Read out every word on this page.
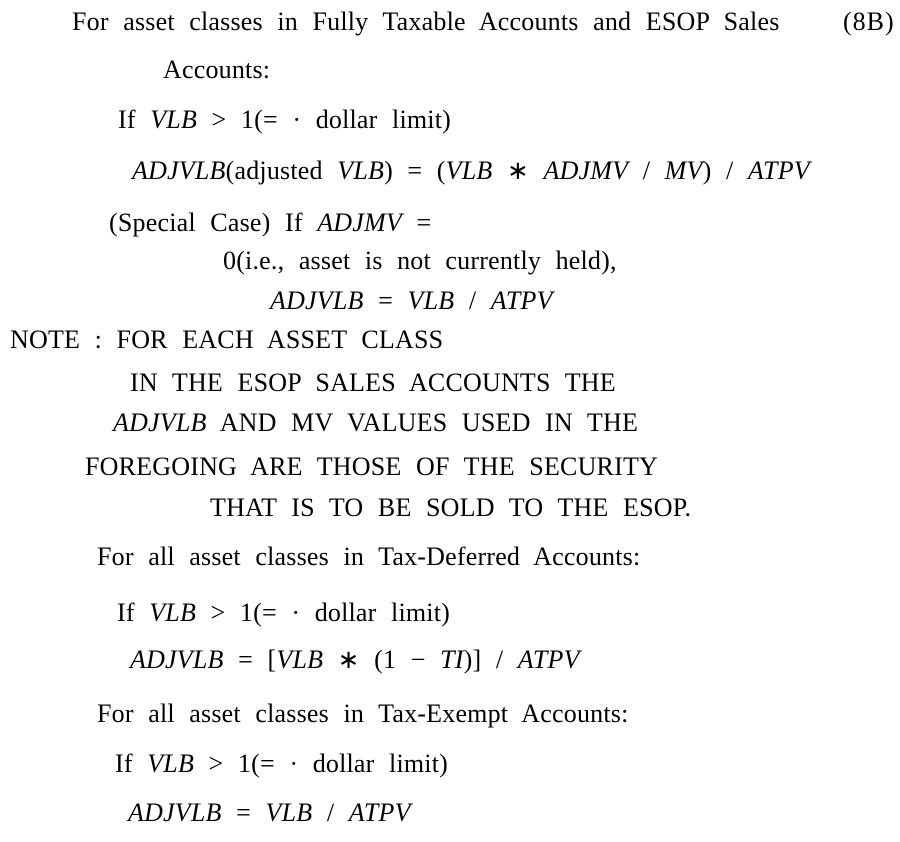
(8B)
For asset classes in Fully Taxable Accounts and ESOP Sales
Accounts:
If VLB > 1(= · dollar limit)
ADJVLB(adjusted VLB) = (VLB ∗ ADJMV / MV) / ATPV
(Special Case) If ADJMV =
0(i.e., asset is not currently held),
ADJVLB = VLB / ATPV
NOTE : FOR EACH ASSET CLASS
IN THE ESOP SALES ACCOUNTS THE
ADJVLB AND MV VALUES USED IN THE
FOREGOING ARE THOSE OF THE SECURITY
THAT IS TO BE SOLD TO THE ESOP.
For all asset classes in Tax-Deferred Accounts:
If VLB > 1(= · dollar limit)
ADJVLB = [VLB ∗ (1 − TI)] / ATPV
For all asset classes in Tax-Exempt Accounts:
If VLB > 1(= · dollar limit)
ADJVLB = VLB / ATPV
